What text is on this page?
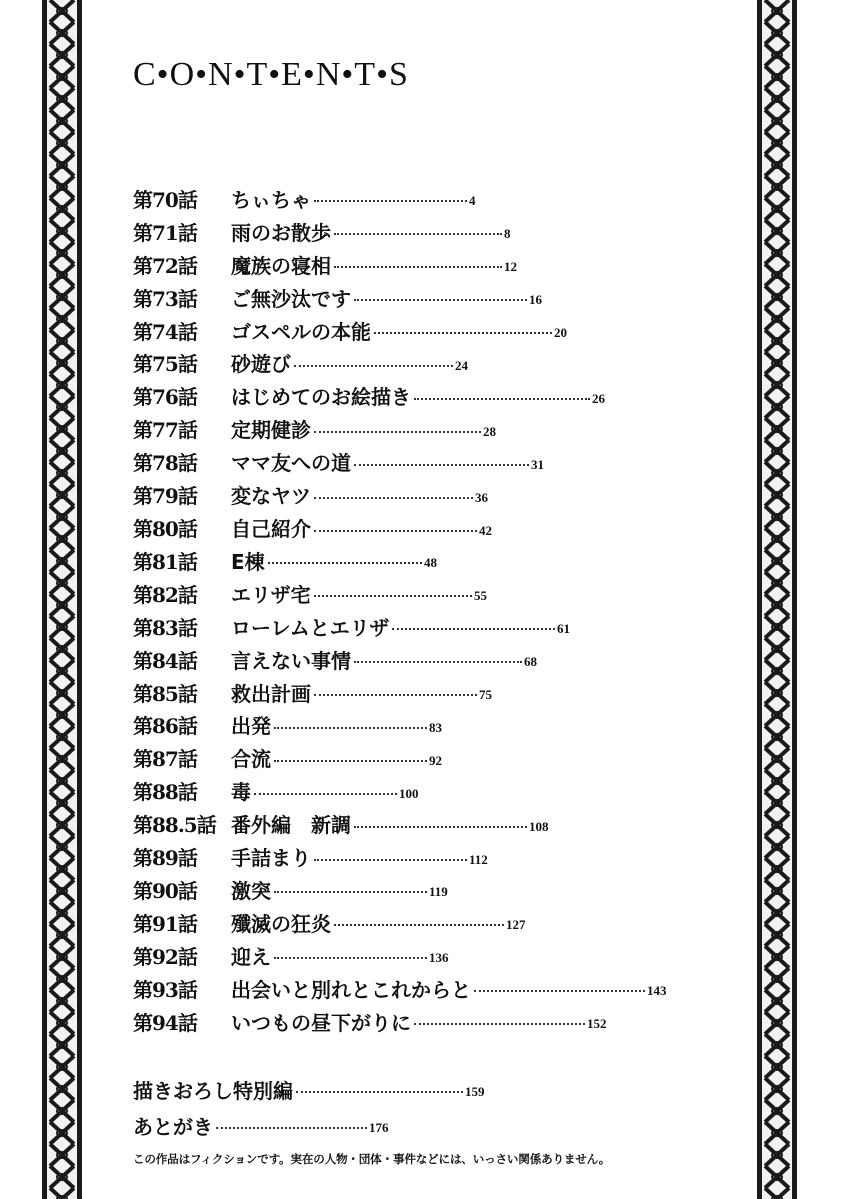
C•O•N•T•E•N•T•S
第70話	ちぃちゃ	4
第71話	雨のお散歩	8
第72話	魔族の寝相	12
第73話	ご無沙汰です	16
第74話	ゴスペルの本能	20
第75話	砂遊び	24
第76話	はじめてのお絵描き	26
第77話	定期健診	28
第78話	ママ友への道	31
第79話	変なヤツ	36
第80話	自己紹介	42
第81話	E棟	48
第82話	エリザ宅	55
第83話	ローレムとエリザ	61
第84話	言えない事情	68
第85話	救出計画	75
第86話	出発	83
第87話	合流	92
第88話	毒	100
第88.5話 番外編　新調	108
第89話	手詰まり	112
第90話	激突	119
第91話	殲滅の狂炎	127
第92話	迎え	136
第93話	出会いと別れとこれからと	143
第94話	いつもの昼下がりに	152
描きおろし特別編	159
あとがき	176
この作品はフィクションです。実在の人物・団体・事件などには、いっさい関係ありません。
